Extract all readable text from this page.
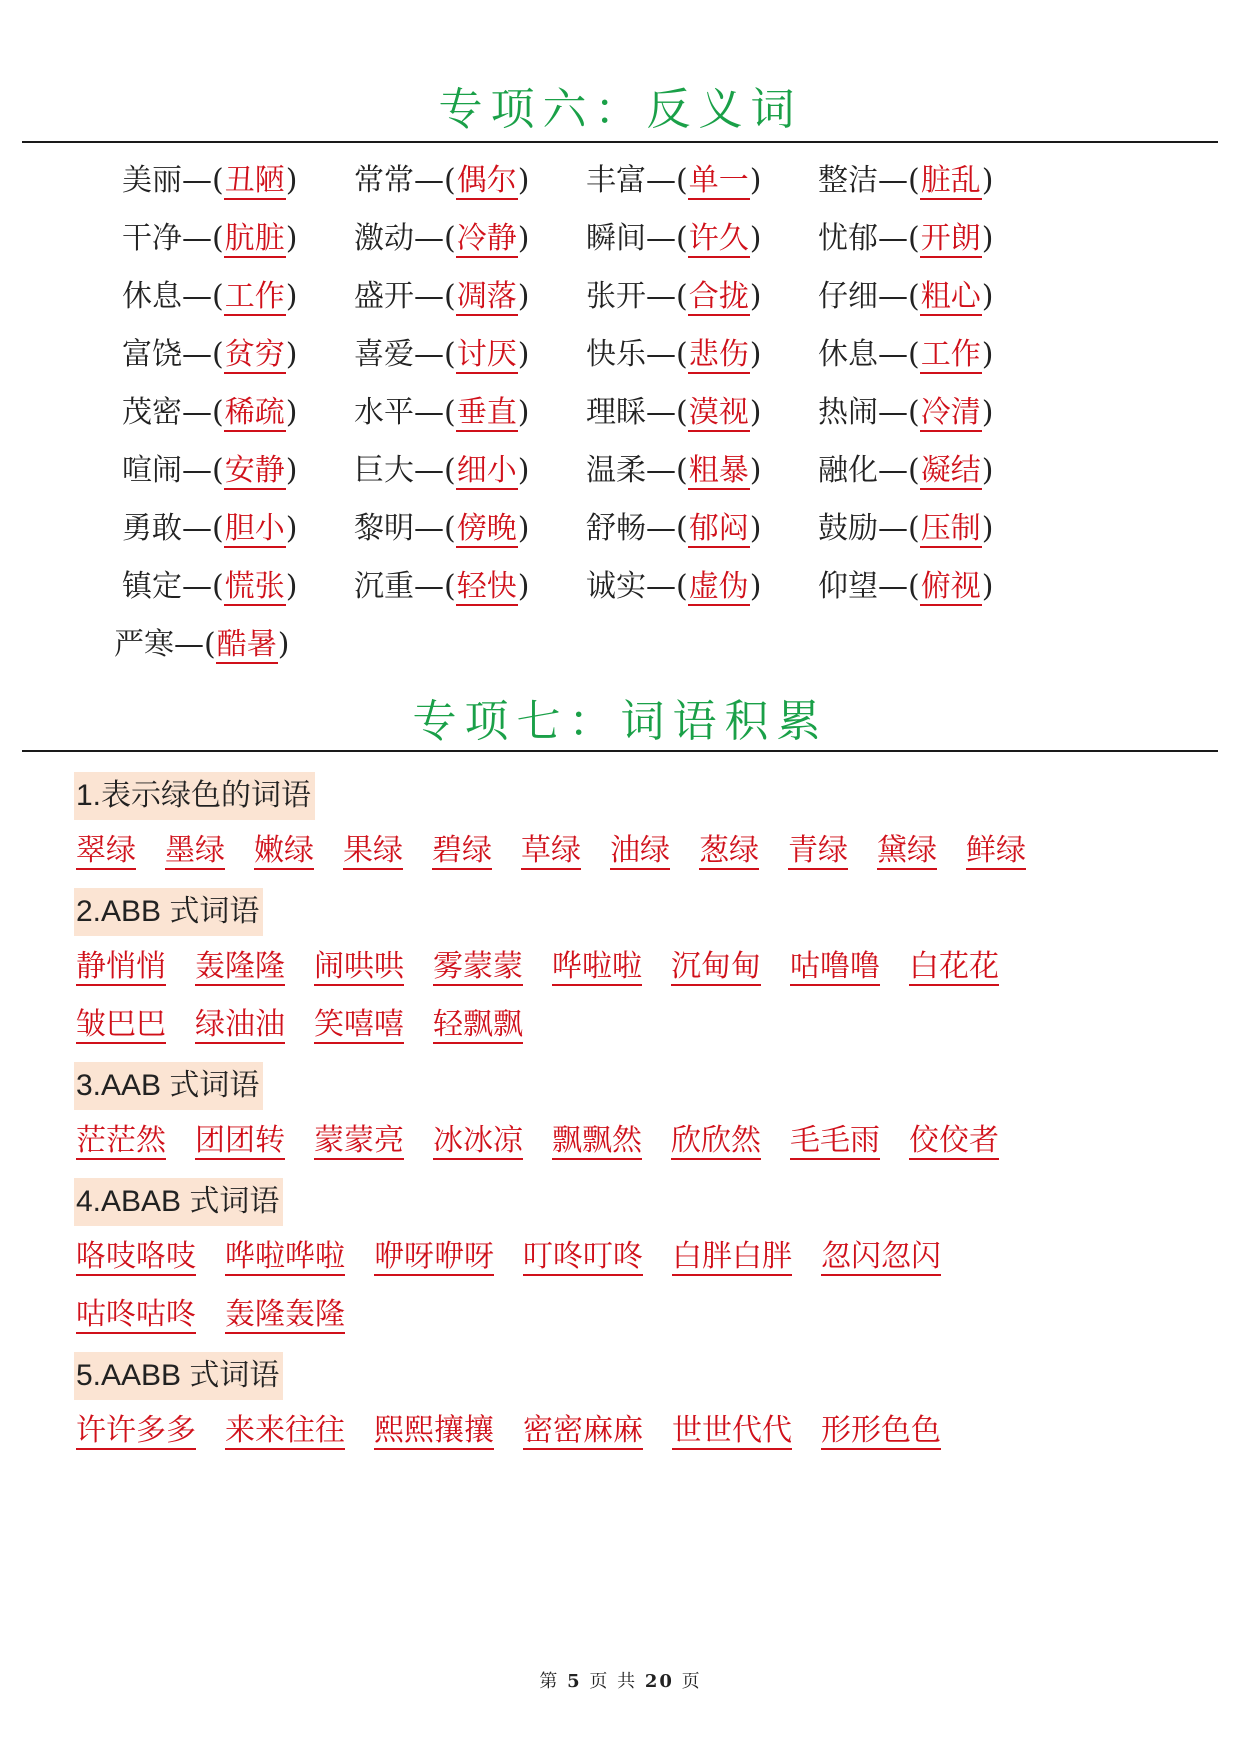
专项六：反义词
美丽—(丑陋) 常常—(偶尔) 丰富—(单一) 整洁—(脏乱)
干净—(肮脏) 激动—(冷静) 瞬间—(许久) 忧郁—(开朗)
休息—(工作) 盛开—(凋落) 张开—(合拢) 仔细—(粗心)
富饶—(贫穷) 喜爱—(讨厌) 快乐—(悲伤) 休息—(工作)
茂密—(稀疏) 水平—(垂直) 理睬—(漠视) 热闹—(冷清)
喧闹—(安静) 巨大—(细小) 温柔—(粗暴) 融化—(凝结)
勇敢—(胆小) 黎明—(傍晚) 舒畅—(郁闷) 鼓励—(压制)
镇定—(慌张) 沉重—(轻快) 诚实—(虚伪) 仰望—(俯视)
严寒—(酷暑)
专项七：词语积累
1.表示绿色的词语
翠绿 墨绿 嫩绿 果绿 碧绿 草绿 油绿 葱绿 青绿 黛绿 鲜绿
2.ABB 式词语
静悄悄 轰隆隆 闹哄哄 雾蒙蒙 哗啦啦 沉甸甸 咕噜噜 白花花
皱巴巴 绿油油 笑嘻嘻 轻飘飘
3.AAB 式词语
茫茫然 团团转 蒙蒙亮 冰冰凉 飘飘然 欣欣然 毛毛雨 佼佼者
4.ABAB 式词语
咯吱咯吱 哗啦哗啦 咿呀咿呀 叮咚叮咚 白胖白胖 忽闪忽闪
咕咚咕咚 轰隆轰隆
5.AABB 式词语
许许多多 来来往往 熙熙攘攘 密密麻麻 世世代代 形形色色
第 5 页 共 20 页
